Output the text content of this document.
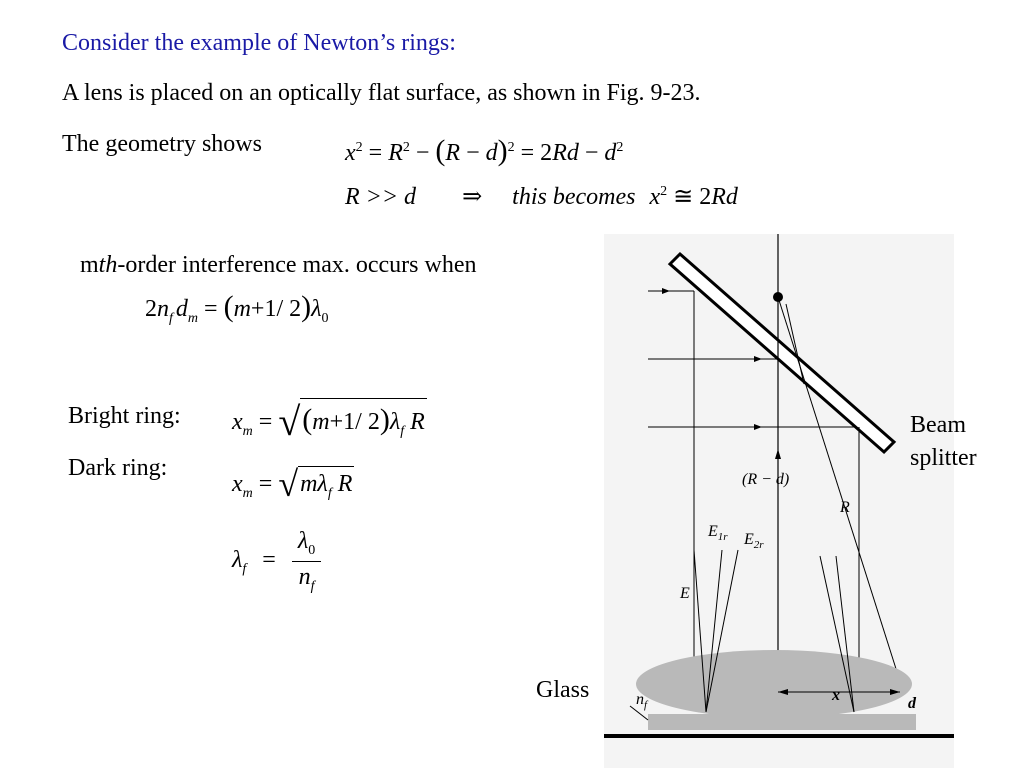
Consider the example of Newton’s rings:
A lens is placed on an optically flat surface, as shown in Fig. 9-23.
The geometry shows	$x^2 = R^2 - (R - d)^2 = 2Rd - d^2$
R >> d ⇒ this becomes $x^2$ ≅ 2Rd
mth-order interference max. occurs when
$2n_f$ $d_m = (m+1/$ $2)\lambda_0$
Bright ring: $x_m = √(m+1/$ $2)\lambda_f$ R
Dark ring:
$x_m = √m\lambda_f$ R
$\lambda_f = \frac{\lambda_0}{n_f}$
(R − d)
R
$E_{1r}$ $E_{2r}$
E
x	d
$n_f$
Beam
splitter
Glass
